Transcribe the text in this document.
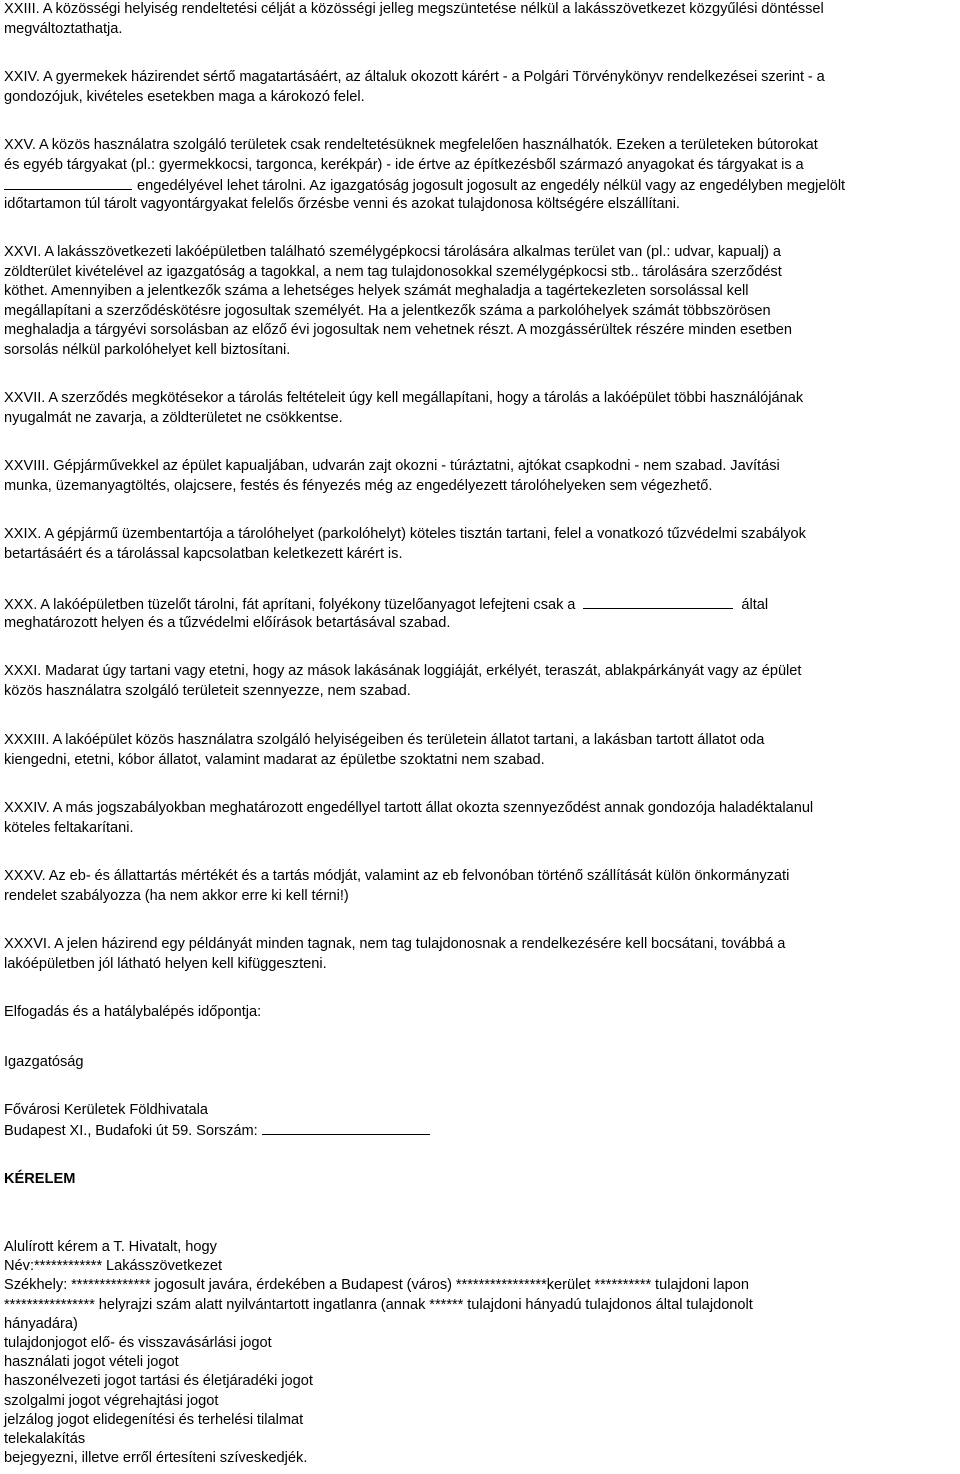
XXIII. A közösségi helyiség rendeltetési célját a közösségi jelleg megszüntetése nélkül a lakásszövetkezet közgyűlési döntéssel
megváltoztathatja.
XXIV. A gyermekek házirendet sértő magatartásáért, az általuk okozott kárért - a Polgári Törvénykönyv rendelkezései szerint - a
gondozójuk, kivételes esetekben maga a károkozó felel.
XXV. A közös használatra szolgáló területek csak rendeltetésüknek megfelelően használhatók. Ezeken a területeken bútorokat
és egyéb tárgyakat (pl.: gyermekkocsi, targonca, kerékpár) - ide értve az építkezésből származó anyagokat és tárgyakat is a
engedélyével lehet tárolni. Az igazgatóság jogosult jogosult az engedély nélkül vagy az engedélyben megjelölt
időtartamon túl tárolt vagyontárgyakat felelős őrzésbe venni és azokat tulajdonosa költségére elszállítani.
XXVI. A lakásszövetkezeti lakóépületben található személygépkocsi tárolására alkalmas terület van (pl.: udvar, kapualj) a
zöldterület kivételével az igazgatóság a tagokkal, a nem tag tulajdonosokkal személygépkocsi stb.. tárolására szerződést
köthet. Amennyiben a jelentkezők száma a lehetséges helyek számát meghaladja a tagértekezleten sorsolással kell
megállapítani a szerződéskötésre jogosultak személyét. Ha a jelentkezők száma a parkolóhelyek számát többszörösen
meghaladja a tárgyévi sorsolásban az előző évi jogosultak nem vehetnek részt. A mozgássérültek részére minden esetben
sorsolás nélkül parkolóhelyet kell biztosítani.
XXVII. A szerződés megkötésekor a tárolás feltételeit úgy kell megállapítani, hogy a tárolás a lakóépület többi használójának
nyugalmát ne zavarja, a zöldterületet ne csökkentse.
XXVIII. Gépjárművekkel az épület kapualjában, udvarán zajt okozni - túráztatni, ajtókat csapkodni - nem szabad. Javítási
munka, üzemanyagtöltés, olajcsere, festés és fényezés még az engedélyezett tárolóhelyeken sem végezhető.
XXIX. A gépjármű üzembentartója a tárolóhelyet (parkolóhelyt) köteles tisztán tartani, felel a vonatkozó tűzvédelmi szabályok
betartásáért és a tárolással kapcsolatban keletkezett kárért is.
XXX. A lakóépületben tüzelőt tárolni, fát aprítani, folyékony tüzelőanyagot lefejteni csak a	által
meghatározott helyen és a tűzvédelmi előírások betartásával szabad.
XXXI. Madarat úgy tartani vagy etetni, hogy az mások lakásának loggiáját, erkélyét, teraszát, ablakpárkányát vagy az épület
közös használatra szolgáló területeit szennyezze, nem szabad.
XXXIII. A lakóépület közös használatra szolgáló helyiségeiben és területein állatot tartani, a lakásban tartott állatot oda
kiengedni, etetni, kóbor állatot, valamint madarat az épületbe szoktatni nem szabad.
XXXIV. A más jogszabályokban meghatározott engedéllyel tartott állat okozta szennyeződést annak gondozója haladéktalanul
köteles feltakarítani.
XXXV. Az eb- és állattartás mértékét és a tartás módját, valamint az eb felvonóban történő szállítását külön önkormányzati
rendelet szabályozza (ha nem akkor erre ki kell térni!)
XXXVI. A jelen házirend egy példányát minden tagnak, nem tag tulajdonosnak a rendelkezésére kell bocsátani, továbbá a
lakóépületben jól látható helyen kell kifüggeszteni.
Elfogadás és a hatálybalépés időpontja:
Igazgatóság
Fővárosi Kerületek Földhivatala
Budapest XI., Budafoki út 59. Sorszám:
KÉRELEM
Alulírott kérem a T. Hivatalt, hogy
Név:************ Lakásszövetkezet
Székhely: ************** jogosult javára, érdekében a Budapest (város) ****************kerület ********** tulajdoni lapon
**************** helyrajzi szám alatt nyilvántartott ingatlanra (annak ****** tulajdoni hányadú tulajdonos által tulajdonolt
hányadára)
tulajdonjogot elő- és visszavásárlási jogot
használati jogot vételi jogot
haszonélvezeti jogot tartási és életjáradéki jogot
szolgalmi jogot végrehajtási jogot
jelzálog jogot elidegenítési és terhelési tilalmat
telekalakítás
bejegyezni, illetve erről értesíteni szíveskedjék.
